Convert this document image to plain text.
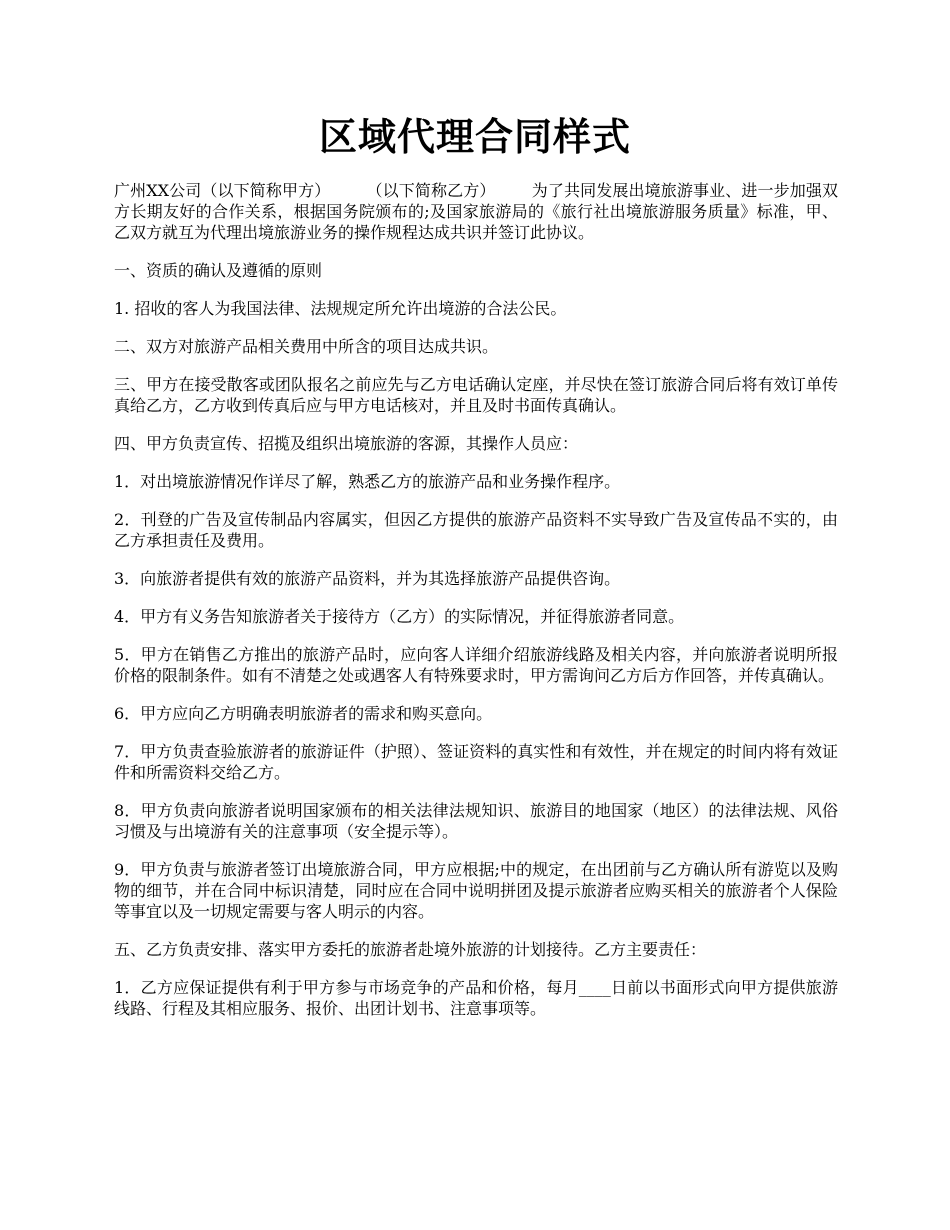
区域代理合同样式

广州XX公司（以下简称甲方） （以下简称乙方） 为了共同发展出境旅游事业、进一步加强双方长期友好的合作关系，根据国务院颁布的;及国家旅游局的《旅行社出境旅游服务质量》标准，甲、乙双方就互为代理出境旅游业务的操作规程达成共识并签订此协议。

一、资质的确认及遵循的原则

1. 招收的客人为我国法律、法规规定所允许出境游的合法公民。

二、双方对旅游产品相关费用中所含的项目达成共识。

三、甲方在接受散客或团队报名之前应先与乙方电话确认定座，并尽快在签订旅游合同后将有效订单传真给乙方，乙方收到传真后应与甲方电话核对，并且及时书面传真确认。

四、甲方负责宣传、招揽及组织出境旅游的客源，其操作人员应：

1．对出境旅游情况作详尽了解，熟悉乙方的旅游产品和业务操作程序。

2．刊登的广告及宣传制品内容属实，但因乙方提供的旅游产品资料不实导致广告及宣传品不实的，由乙方承担责任及费用。

3．向旅游者提供有效的旅游产品资料，并为其选择旅游产品提供咨询。

4．甲方有义务告知旅游者关于接待方（乙方）的实际情况，并征得旅游者同意。

5．甲方在销售乙方推出的旅游产品时，应向客人详细介绍旅游线路及相关内容，并向旅游者说明所报价格的限制条件。如有不清楚之处或遇客人有特殊要求时，甲方需询问乙方后方作回答，并传真确认。

6．甲方应向乙方明确表明旅游者的需求和购买意向。

7．甲方负责查验旅游者的旅游证件（护照）、签证资料的真实性和有效性，并在规定的时间内将有效证件和所需资料交给乙方。

8．甲方负责向旅游者说明国家颁布的相关法律法规知识、旅游目的地国家（地区）的法律法规、风俗习惯及与出境游有关的注意事项（安全提示等）。

9．甲方负责与旅游者签订出境旅游合同，甲方应根据;中的规定，在出团前与乙方确认所有游览以及购物的细节，并在合同中标识清楚，同时应在合同中说明拼团及提示旅游者应购买相关的旅游者个人保险等事宜以及一切规定需要与客人明示的内容。

五、乙方负责安排、落实甲方委托的旅游者赴境外旅游的计划接待。乙方主要责任：

1．乙方应保证提供有利于甲方参与市场竞争的产品和价格，每月____日前以书面形式向甲方提供旅游线路、行程及其相应服务、报价、出团计划书、注意事项等。
